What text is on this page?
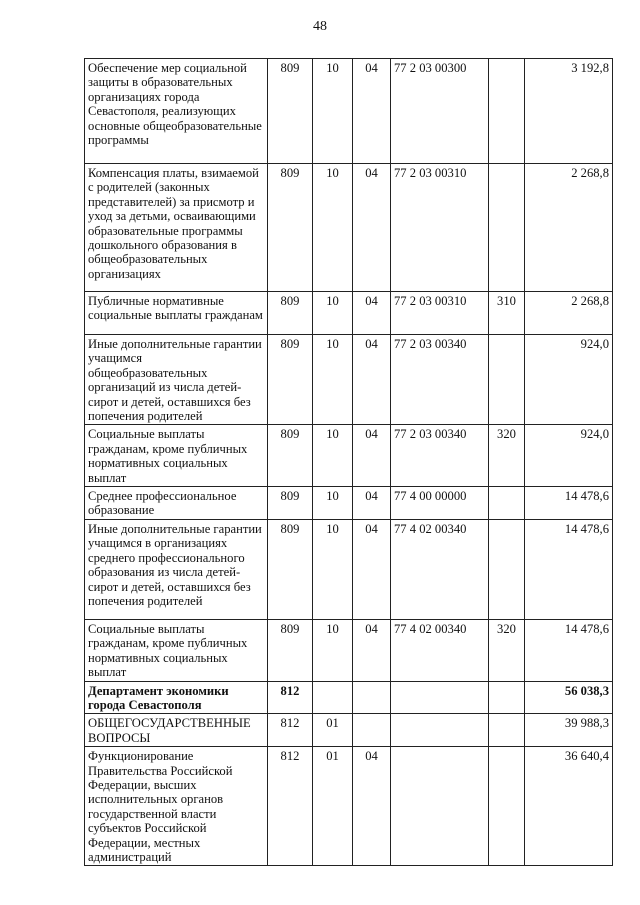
48
Обеспечение мер социальной защиты в образовательных организациях города Севастополя, реализующих основные общеобразовательные программы	809	10	04	77 2 03 00300		3 192,8
Компенсация платы, взимаемой с родителей (законных представителей) за присмотр и уход за детьми, осваивающими образовательные программы дошкольного образования в общеобразовательных организациях	809	10	04	77 2 03 00310		2 268,8
Публичные нормативные социальные выплаты гражданам	809	10	04	77 2 03 00310	310	2 268,8
Иные дополнительные гарантии учащимся общеобразовательных организаций из числа детей-сирот и детей, оставшихся без попечения родителей	809	10	04	77 2 03 00340		924,0
Социальные выплаты гражданам, кроме публичных нормативных социальных выплат	809	10	04	77 2 03 00340	320	924,0
Среднее профессиональное образование	809	10	04	77 4 00 00000		14 478,6
Иные дополнительные гарантии учащимся в организациях среднего профессионального образования из числа детей-сирот и детей, оставшихся без попечения родителей	809	10	04	77 4 02 00340		14 478,6
Социальные выплаты гражданам, кроме публичных нормативных социальных выплат	809	10	04	77 4 02 00340	320	14 478,6
Департамент экономики города Севастополя	812					56 038,3
ОБЩЕГОСУДАРСТВЕННЫЕ ВОПРОСЫ	812	01				39 988,3
Функционирование Правительства Российской Федерации, высших исполнительных органов государственной власти субъектов Российской Федерации, местных администраций	812	01	04			36 640,4
